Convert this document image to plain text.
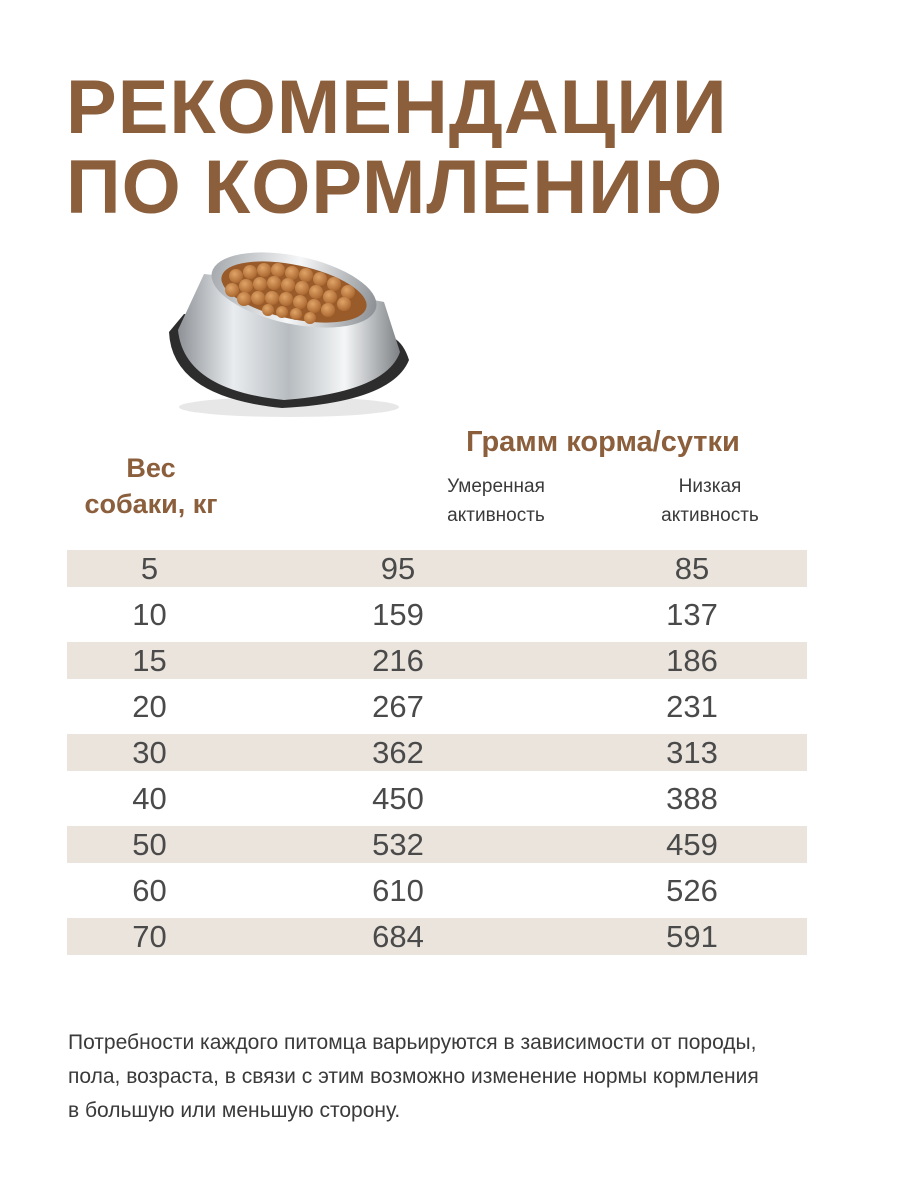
РЕКОМЕНДАЦИИ
ПО КОРМЛЕНИЮ
Вес
собаки, кг
Грамм корма/сутки
Умеренная
активность
Низкая
активность
5	95	85
10	159	137
15	216	186
20	267	231
30	362	313
40	450	388
50	532	459
60	610	526
70	684	591
Потребности каждого питомца варьируются в зависимости от породы,
пола, возраста, в связи с этим возможно изменение нормы кормления
в большую или меньшую сторону.
